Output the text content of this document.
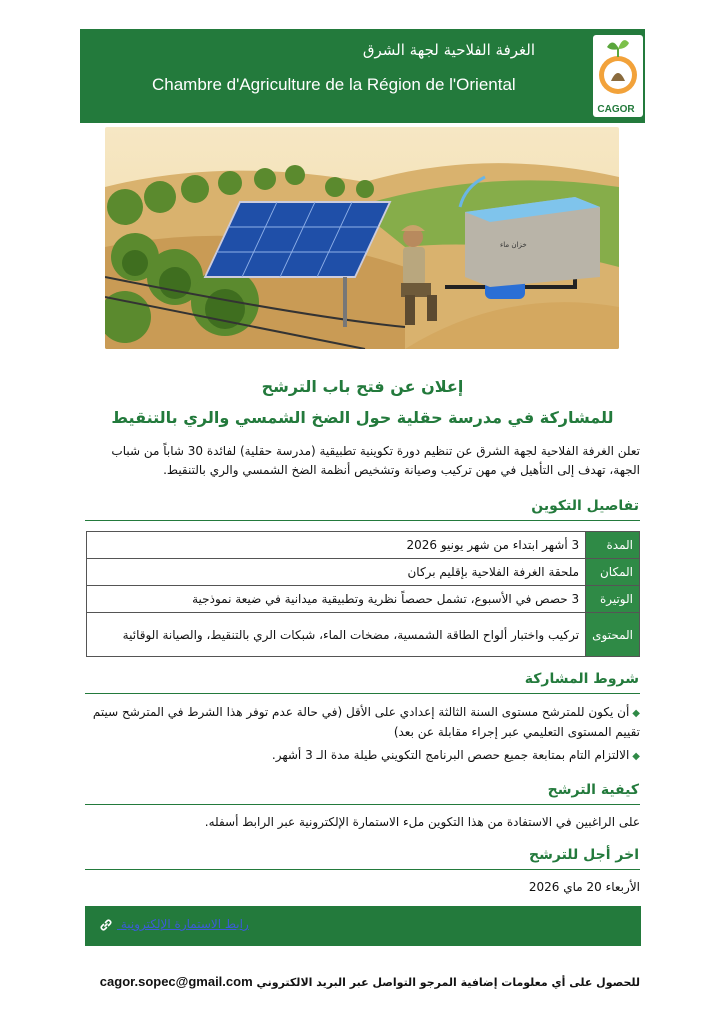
الغرفة الفلاحية لجهة الشرق
Chambre d'Agriculture de la Région de l'Oriental
CAGOR
خزان ماء
إعلان عن فتح باب الترشح
للمشاركة في مدرسة حقلية حول الضخ الشمسي والري بالتنقيط
تعلن الغرفة الفلاحية لجهة الشرق عن تنظيم دورة تكوينية تطبيقية (مدرسة حقلية) لفائدة 30 شاباً من شباب الجهة، تهدف إلى التأهيل في مهن تركيب وصيانة وتشخيص أنظمة الضخ الشمسي والري بالتنقيط.
تفاصيل التكوين
المدة	3 أشهر ابتداء من شهر يونيو 2026
المكان	ملحقة الغرفة الفلاحية بإقليم بركان
الوتيرة	3 حصص في الأسبوع، تشمل حصصاً نظرية وتطبيقية ميدانية في ضيعة نموذجية
المحتوى	تركيب واختبار ألواح الطاقة الشمسية، مضخات الماء، شبكات الري بالتنقيط، والصيانة الوقائية
شروط المشاركة
◆أن يكون للمترشح مستوى السنة الثالثة إعدادي على الأقل (في حالة عدم توفر هذا الشرط في المترشح سيتم تقييم المستوى التعليمي عبر إجراء مقابلة عن بعد)
◆الالتزام التام بمتابعة جميع حصص البرنامج التكويني طيلة مدة الـ 3 أشهر.
كيفية الترشح
على الراغبين في الاستفادة من هذا التكوين ملء الاستمارة الإلكترونية عبر الرابط أسفله.
اخر أجل للترشح
الأربعاء 20 ماي 2026
رابط الاستمارة الإلكترونية
للحصول على أي معلومات إضافية المرجو التواصل عبر البريد الالكتروني cagor.sopec@gmail.com
